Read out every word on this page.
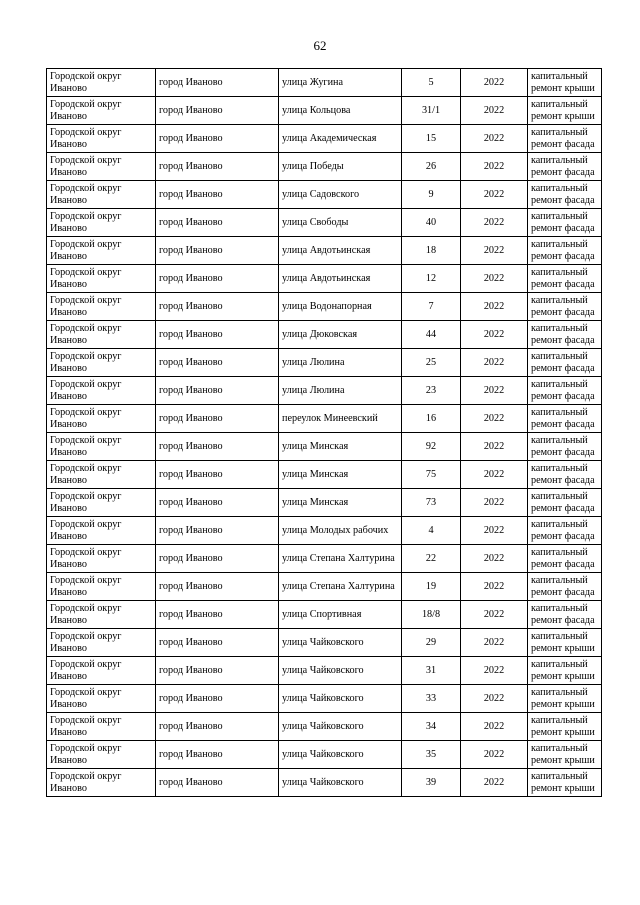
62
Городской округ Иваново	город Иваново	улица Жугина	5	2022	капитальный ремонт крыши
Городской округ Иваново	город Иваново	улица Кольцова	31/1	2022	капитальный ремонт крыши
Городской округ Иваново	город Иваново	улица Академическая	15	2022	капитальный ремонт фасада
Городской округ Иваново	город Иваново	улица Победы	26	2022	капитальный ремонт фасада
Городской округ Иваново	город Иваново	улица Садовского	9	2022	капитальный ремонт фасада
Городской округ Иваново	город Иваново	улица Свободы	40	2022	капитальный ремонт фасада
Городской округ Иваново	город Иваново	улица Авдотьинская	18	2022	капитальный ремонт фасада
Городской округ Иваново	город Иваново	улица Авдотьинская	12	2022	капитальный ремонт фасада
Городской округ Иваново	город Иваново	улица Водонапорная	7	2022	капитальный ремонт фасада
Городской округ Иваново	город Иваново	улица Дюковская	44	2022	капитальный ремонт фасада
Городской округ Иваново	город Иваново	улица Люлина	25	2022	капитальный ремонт фасада
Городской округ Иваново	город Иваново	улица Люлина	23	2022	капитальный ремонт фасада
Городской округ Иваново	город Иваново	переулок Минеевский	16	2022	капитальный ремонт фасада
Городской округ Иваново	город Иваново	улица Минская	92	2022	капитальный ремонт фасада
Городской округ Иваново	город Иваново	улица Минская	75	2022	капитальный ремонт фасада
Городской округ Иваново	город Иваново	улица Минская	73	2022	капитальный ремонт фасада
Городской округ Иваново	город Иваново	улица Молодых рабочих	4	2022	капитальный ремонт фасада
Городской округ Иваново	город Иваново	улица Степана Халтурина	22	2022	капитальный ремонт фасада
Городской округ Иваново	город Иваново	улица Степана Халтурина	19	2022	капитальный ремонт фасада
Городской округ Иваново	город Иваново	улица Спортивная	18/8	2022	капитальный ремонт фасада
Городской округ Иваново	город Иваново	улица Чайковского	29	2022	капитальный ремонт крыши
Городской округ Иваново	город Иваново	улица Чайковского	31	2022	капитальный ремонт крыши
Городской округ Иваново	город Иваново	улица Чайковского	33	2022	капитальный ремонт крыши
Городской округ Иваново	город Иваново	улица Чайковского	34	2022	капитальный ремонт крыши
Городской округ Иваново	город Иваново	улица Чайковского	35	2022	капитальный ремонт крыши
Городской округ Иваново	город Иваново	улица Чайковского	39	2022	капитальный ремонт крыши
